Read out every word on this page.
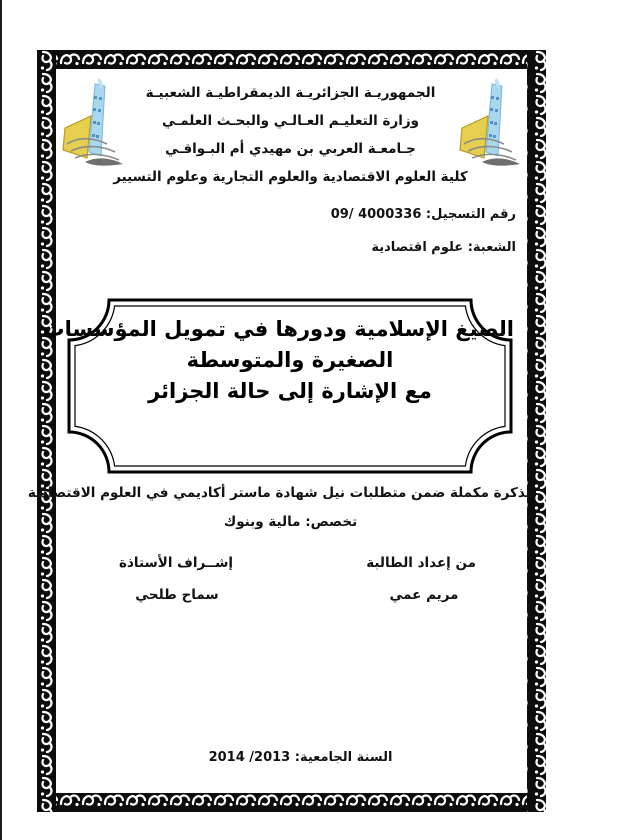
الجمهوريـة الجزائريـة الديمقراطيـة الشعبيـة
وزارة التعليـم العـالـي والبحـث العلمـي
جـامعـة العربي بن مهيدي أم البـواقـي
كلية العلوم الاقتصادية والعلوم التجارية وعلوم التسيير
رقم التسجيل: 4000336 /09
الشعبة: علوم اقتصادية
الصيغ الإسلامية ودورها في تمويل المؤسسات
الصغيرة والمتوسطة
مع الإشارة إلى حالة الجزائر
مذكرة مكملة ضمن متطلبات نيل شهادة ماستر أكاديمي في العلوم الاقتصادية
تخصص: مالية وبنوك
من إعداد الطالبة
مريم عمي
إشــراف الأستاذة
سماح طلحي
السنة الجامعية: 2013/ 2014
